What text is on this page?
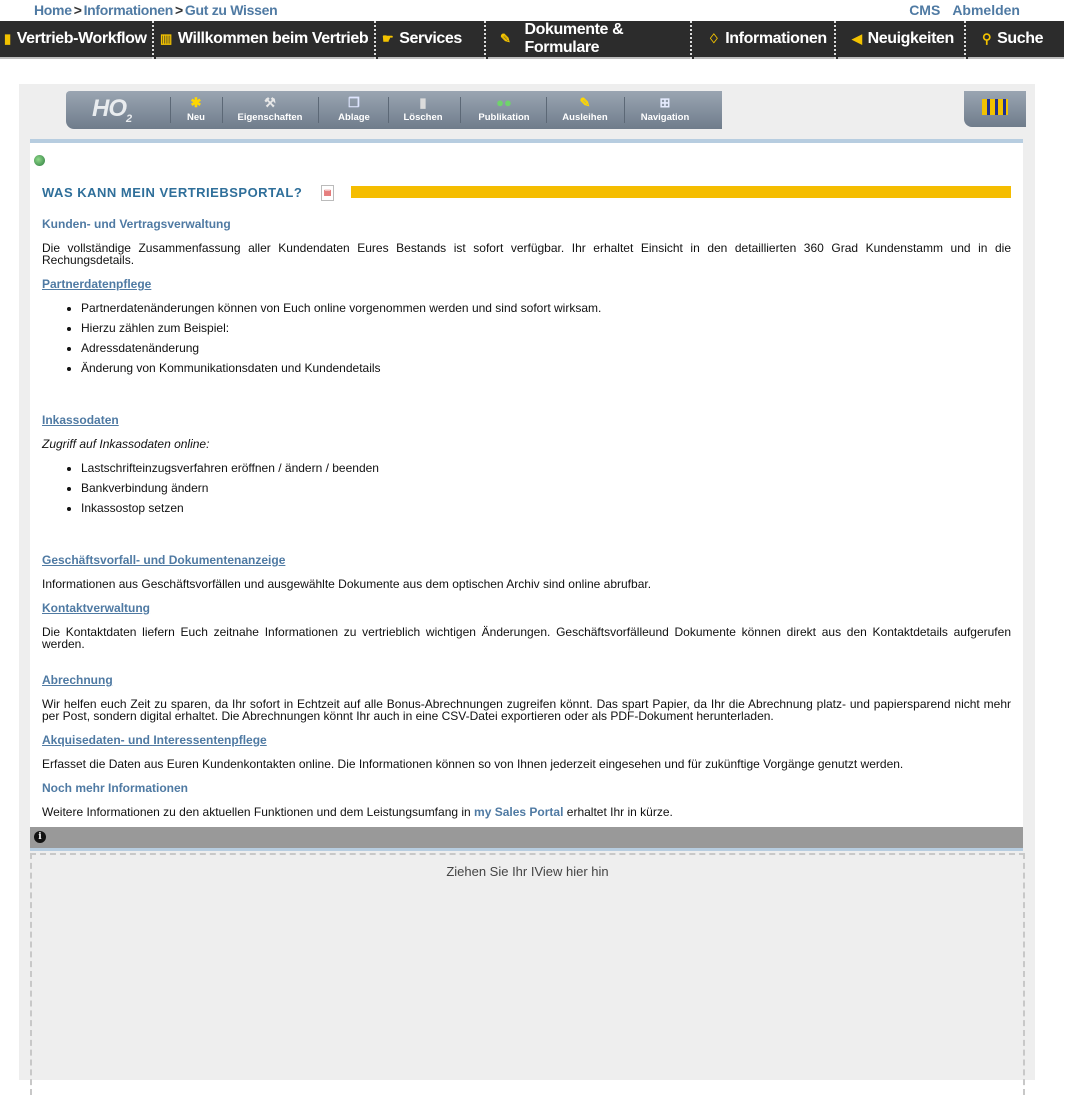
Home > Informationen > Gut zu Wissen	CMS Abmelden
▮ Vertrieb-Workflow ▥ Willkommen beim Vertrieb ☛ Services	✎
Dokumente & Formulare
♢ Informationen ◀ Neuigkeiten ⚲ Suche
$HO_2$
✱
Neu
⚒
Eigenschaften
❐
Ablage
▮
Löschen
●●
Publikation
✎
Ausleihen
⊞
Navigation
WAS KANN MEIN VERTRIEBSPORTAL?	▤
Kunden- und Vertragsverwaltung
Die vollständige Zusammenfassung aller Kundendaten Eures Bestands ist sofort verfügbar. Ihr erhaltet Einsicht in den detaillierten 360 Grad Kundenstamm und in die Rechungsdetails.
Partnerdatenpflege
• Partnerdatenänderungen können von Euch online vorgenommen werden und sind sofort wirksam.
• Hierzu zählen zum Beispiel:
• Adressdatenänderung
• Änderung von Kommunikationsdaten und Kundendetails
Inkassodaten
Zugriff auf Inkassodaten online:
• Lastschrifteinzugsverfahren eröffnen / ändern / beenden
• Bankverbindung ändern
• Inkassostop setzen
Geschäftsvorfall- und Dokumentenanzeige
Informationen aus Geschäftsvorfällen und ausgewählte Dokumente aus dem optischen Archiv sind online abrufbar.
Kontaktverwaltung
Die Kontaktdaten liefern Euch zeitnahe Informationen zu vertrieblich wichtigen Änderungen. Geschäftsvorfälleund Dokumente können direkt aus den Kontaktdetails aufgerufen werden.
Abrechnung
Wir helfen euch Zeit zu sparen, da Ihr sofort in Echtzeit auf alle Bonus-Abrechnungen zugreifen könnt. Das spart Papier, da Ihr die Abrechnung platz- und papiersparend nicht mehr per Post, sondern digital erhaltet. Die Abrechnungen könnt Ihr auch in eine CSV-Datei exportieren oder als PDF-Dokument herunterladen.
Akquisedaten- und Interessentenpflege
Erfasset die Daten aus Euren Kundenkontakten online. Die Informationen können so von Ihnen jederzeit eingesehen und für zukünftige Vorgänge genutzt werden.
Noch mehr Informationen
Weitere Informationen zu den aktuellen Funktionen und dem Leistungsumfang in my Sales Portal erhaltet Ihr in kürze.
i
Ziehen Sie Ihr IView hier hin
